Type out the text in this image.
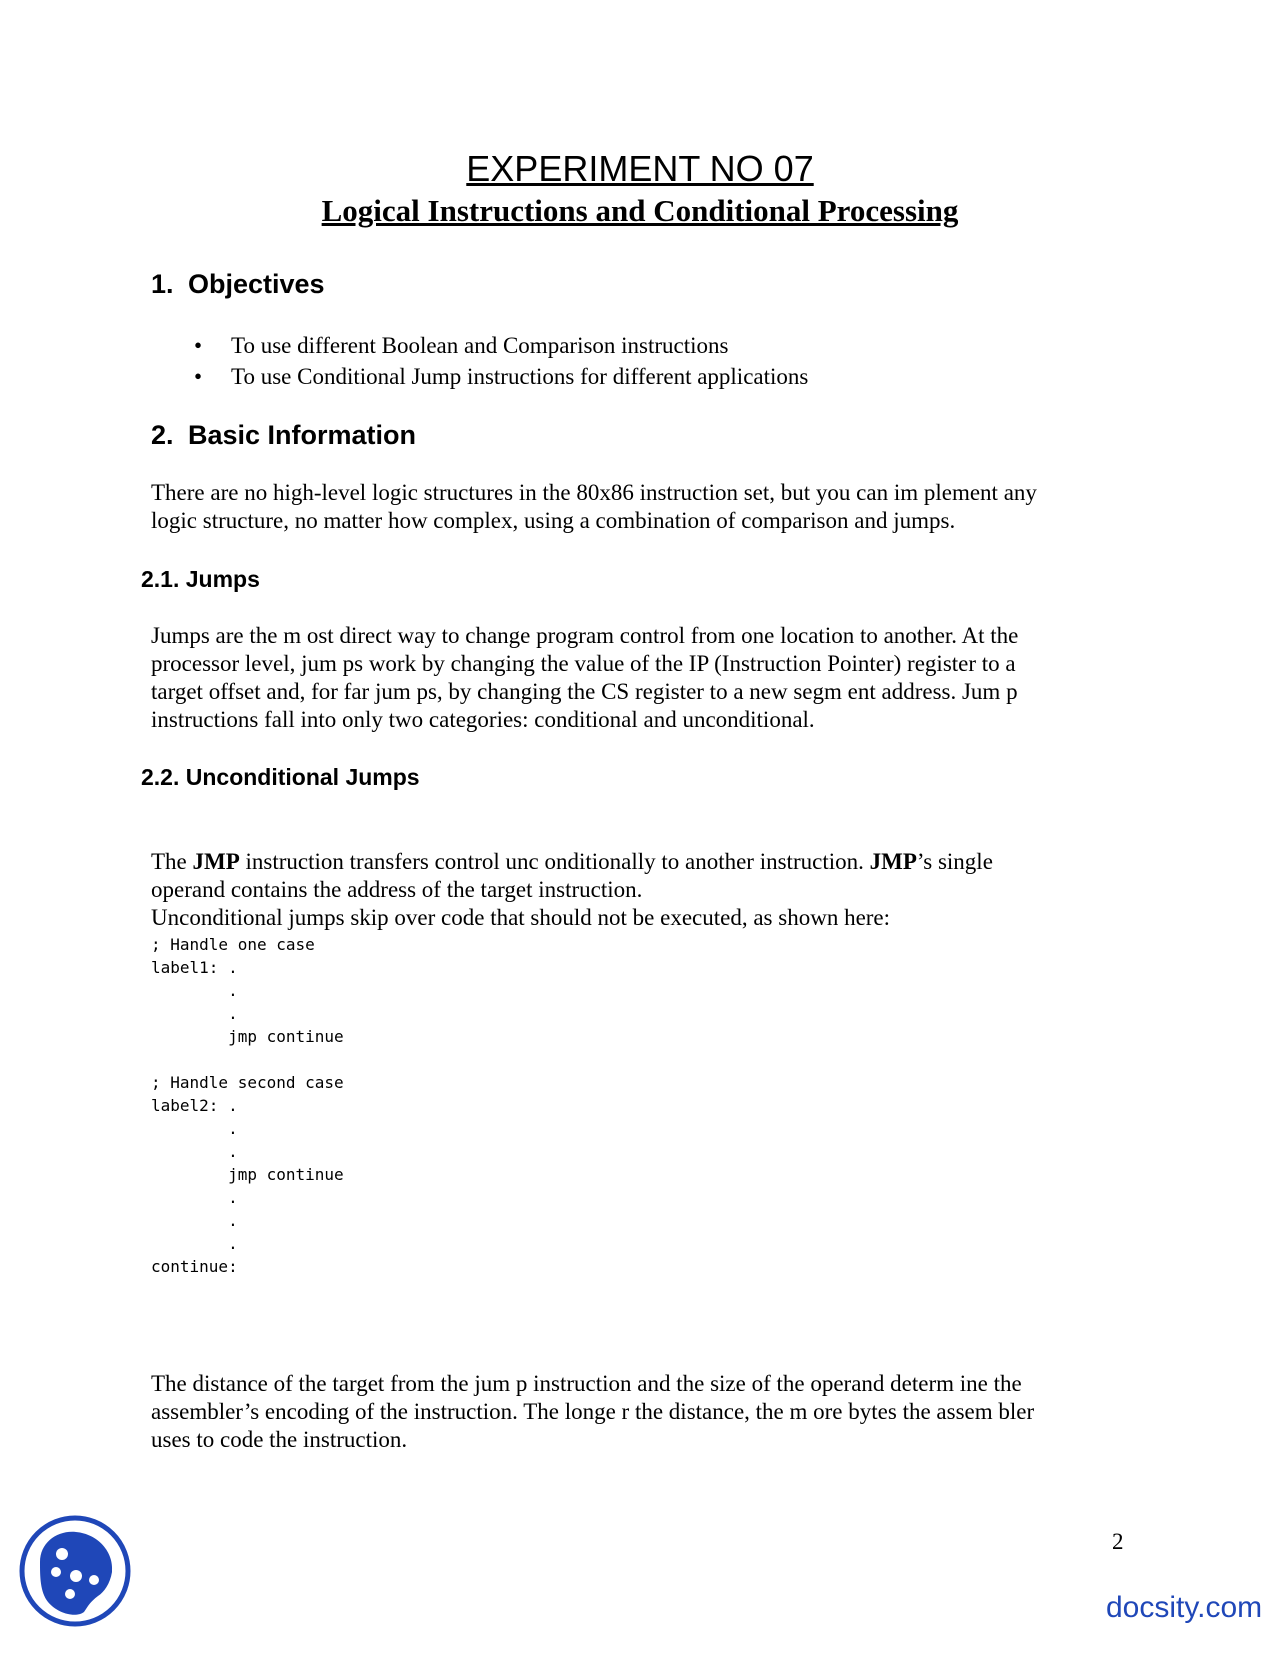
EXPERIMENT NO 07
Logical Instructions and Conditional Processing
1. Objectives
• To use different Boolean and Comparison instructions
• To use Conditional Jump instructions for different applications
2. Basic Information
There are no high-level logic structures in the 80x86 instruction set, but you can im plement any
logic structure, no matter how complex, using a combination of comparison and jumps.
2.1. Jumps
Jumps are the m ost direct way to change program control from one location to another. At the
processor level, jum ps work by changing the value of the IP (Instruction Pointer) register to a
target offset and, for far jum ps, by changing the CS register to a new segm ent address. Jum p
instructions fall into only two categories: conditional and unconditional.
2.2. Unconditional Jumps
The JMP instruction transfers control unc onditionally to another instruction. JMP’s single
operand contains the address of the target instruction.
Unconditional jumps skip over code that should not be executed, as shown here:
; Handle one case
label1: .
.
.
jmp continue

; Handle second case
label2: .
.
.
jmp continue
.
.
.
continue:
The distance of the target from the jum p instruction and the size of the operand determ ine the
assembler’s encoding of the instruction. The longe r the distance, the m ore bytes the assem bler
uses to code the instruction.
2
docsity.com
